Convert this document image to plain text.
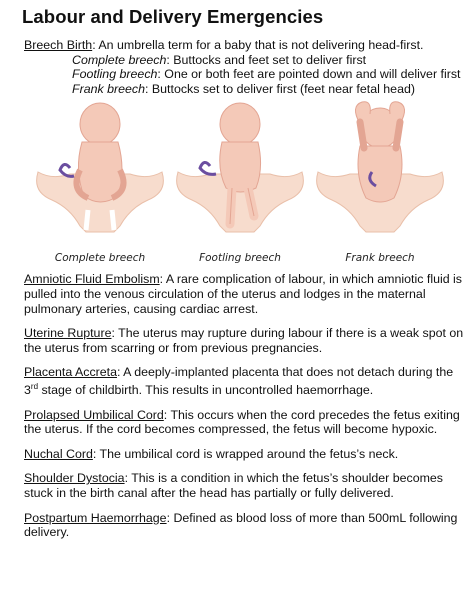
Labour and Delivery Emergencies
Breech Birth: An umbrella term for a baby that is not delivering head-first.
Complete breech: Buttocks and feet set to deliver first
Footling breech: One or both feet are pointed down and will deliver first
Frank breech: Buttocks set to deliver first (feet near fetal head)
Complete breech	Footling breech	Frank breech
Amniotic Fluid Embolism: A rare complication of labour, in which amniotic fluid is pulled into the venous circulation of the uterus and lodges in the maternal pulmonary arteries, causing cardiac arrest.
Uterine Rupture: The uterus may rupture during labour if there is a weak spot on the uterus from scarring or from previous pregnancies.
Placenta Accreta: A deeply-implanted placenta that does not detach during the 3rd stage of childbirth. This results in uncontrolled haemorrhage.
Prolapsed Umbilical Cord: This occurs when the cord precedes the fetus exiting the uterus. If the cord becomes compressed, the fetus will become hypoxic.
Nuchal Cord: The umbilical cord is wrapped around the fetus’s neck.
Shoulder Dystocia: This is a condition in which the fetus’s shoulder becomes stuck in the birth canal after the head has partially or fully delivered.
Postpartum Haemorrhage: Defined as blood loss of more than 500mL following delivery.
